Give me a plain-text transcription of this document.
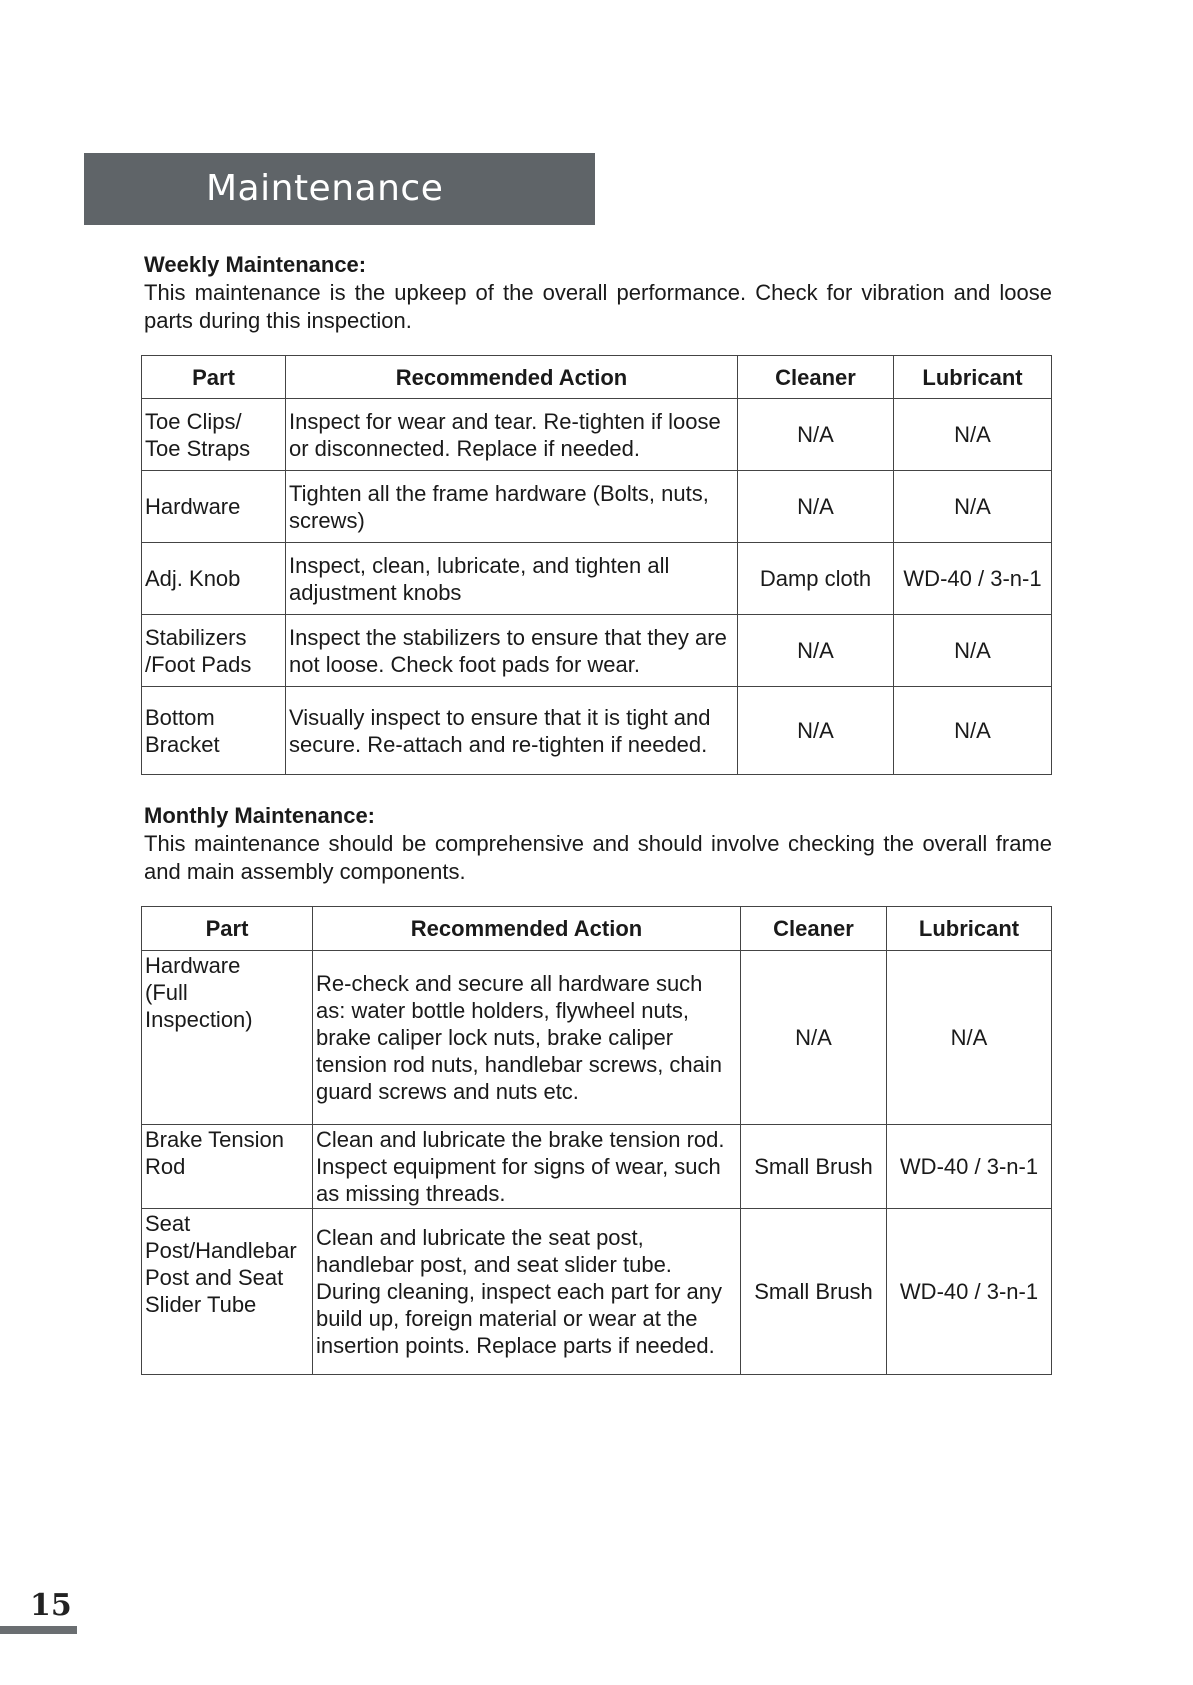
Maintenance
Weekly Maintenance:
This maintenance is the upkeep of the overall performance. Check for vibration and loose parts during this inspection.
Part	Recommended Action	Cleaner	Lubricant
Toe Clips/
Toe Straps	Inspect for wear and tear. Re-tighten if loose or disconnected. Replace if needed.	N/A	N/A
Hardware	Tighten all the frame hardware (Bolts, nuts, screws)	N/A	N/A
Adj. Knob	Inspect, clean, lubricate, and tighten all adjustment knobs	Damp cloth	WD-40 / 3-n-1
Stabilizers
/Foot Pads	Inspect the stabilizers to ensure that they are not loose. Check foot pads for wear.	N/A	N/A
Bottom
Bracket	Visually inspect to ensure that it is tight and secure. Re-attach and re-tighten if needed.	N/A	N/A
Monthly Maintenance:
This maintenance should be comprehensive and should involve checking the overall frame and main assembly components.
Part	Recommended Action	Cleaner	Lubricant
Hardware
(Full
Inspection)	Re-check and secure all hardware such as: water bottle holders, flywheel nuts, brake caliper lock nuts, brake caliper tension rod nuts, handlebar screws, chain guard screws and nuts etc.	N/A	N/A
Brake Tension
Rod	Clean and lubricate the brake tension rod. Inspect equipment for signs of wear, such as missing threads.	Small Brush	WD-40 / 3-n-1
Seat
Post/Handlebar
Post and Seat
Slider Tube	Clean and lubricate the seat post, handlebar post, and seat slider tube. During cleaning, inspect each part for any build up, foreign material or wear at the insertion points. Replace parts if needed.	Small Brush	WD-40 / 3-n-1
15
